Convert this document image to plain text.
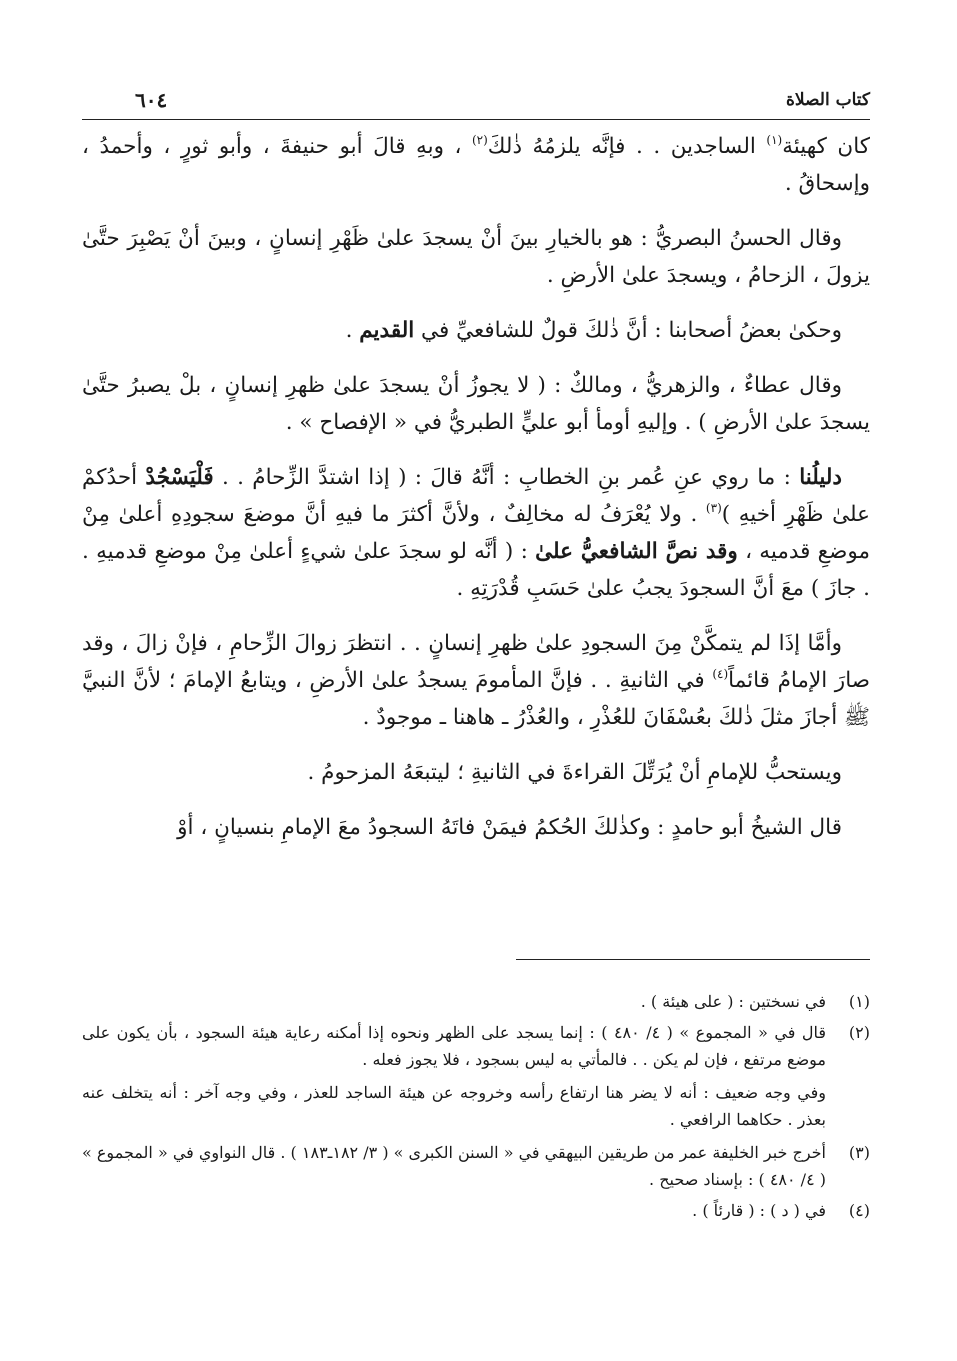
كتاب الصلاة
٦٠٤

كان كهيئة$^{(١)}$ الساجدين . . فإنَّه يلزمُهُ ذٰلكَ$^{(٢)}$ ، وبهِ قالَ أبو حنيفةَ ، وأبو ثورٍ ، وأحمدُ ، وإسحاقُ .

وقال الحسنُ البصريُّ : هو بالخيارِ بينَ أنْ يسجدَ علىٰ ظَهْرِ إنسانٍ ، وبينَ أنْ يَصْبِرَ حتَّىٰ يزولَ ، الزحامُ ، ويسجدَ علىٰ الأرضِ .

وحكىٰ بعضُ أصحابنا : أنَّ ذٰلكَ قولٌ للشافعيِّ في القديم .

وقال عطاءٌ ، والزهريُّ ، ومالكٌ : ( لا يجوزُ أنْ يسجدَ علىٰ ظهرِ إنسانٍ ، بلْ يصبرُ حتَّىٰ يسجدَ علىٰ الأرضِ ) . وإليهِ أومأ أبو عليٍّ الطبريُّ في « الإفصاح » .

دليلُنا : ما روي عنِ عُمر بنِ الخطابِ : أنَّهُ قالَ : ( إذا اشتدَّ الزِّحامُ . . فَلْيَسْجُدْ أحدُكمْ علىٰ ظَهْرِ أخيهِ )$^{(٣)}$ . ولا يُعْرَفُ له مخالِفٌ ، ولأنَّ أكثرَ ما فيهِ أنَّ موضعَ سجودِهِ أعلىٰ مِنْ موضعِ قدميه ، وقد نصَّ الشافعيُّ علىٰ : ( أنَّه لو سجدَ علىٰ شيءٍ أعلىٰ مِنْ موضعِ قدميهِ . . جازَ ) معَ أنَّ السجودَ يجبُ علىٰ حَسَبِ قُدْرَتِهِ .

وأمَّا إذَا لم يتمكَّنْ مِنَ السجودِ علىٰ ظهرِ إنسانٍ . . انتظرَ زوالَ الزِّحامِ ، فإنْ زالَ ، وقد صارَ الإمامُ قائماً$^{(٤)}$ في الثانيةِ . . فإنَّ المأمومَ يسجدُ علىٰ الأرضِ ، ويتابعُ الإمامَ ؛ لأنَّ النبيَّ ﷺ أجازَ مثلَ ذٰلكَ بعُسْفَانَ للعُذْرِ ، والعُذْرُ ـ هاهنا ـ موجودٌ .

ويستحبُّ للإمامِ أنْ يُرَتِّلَ القراءةَ في الثانيةِ ؛ ليتبعَهُ المزحومُ .

قال الشيخُ أبو حامدٍ : وكذٰلكَ الحُكمُ فيمَنْ فاتَهُ السجودُ معَ الإمامِ بنسيانٍ ، أوْ

(١)
في نسختين : ( على هيئة ) .
(٢)
قال في « المجموع » ( ٤/ ٤٨٠ ) : إنما يسجد على الظهر ونحوه إذا أمكنه رعاية هيئة السجود ، بأن يكون على موضع مرتفع ، فإن لم يكن . . فالمأتي به ليس بسجود ، فلا يجوز فعله .
وفي وجه ضعيف : أنه لا يضر هنا ارتفاع رأسه وخروجه عن هيئة الساجد للعذر ، وفي وجه آخر : أنه يتخلف عنه بعذر . حكاهما الرافعي .
(٣)
أخرج خبر الخليفة عمر من طريقين البيهقي في « السنن الكبرى » ( ٣/ ١٨٢ـ١٨٣ ) . قال النواوي في « المجموع » ( ٤/ ٤٨٠ ) : بإسناد صحيح .
(٤)
في ( د ) : ( قارئاً ) .
